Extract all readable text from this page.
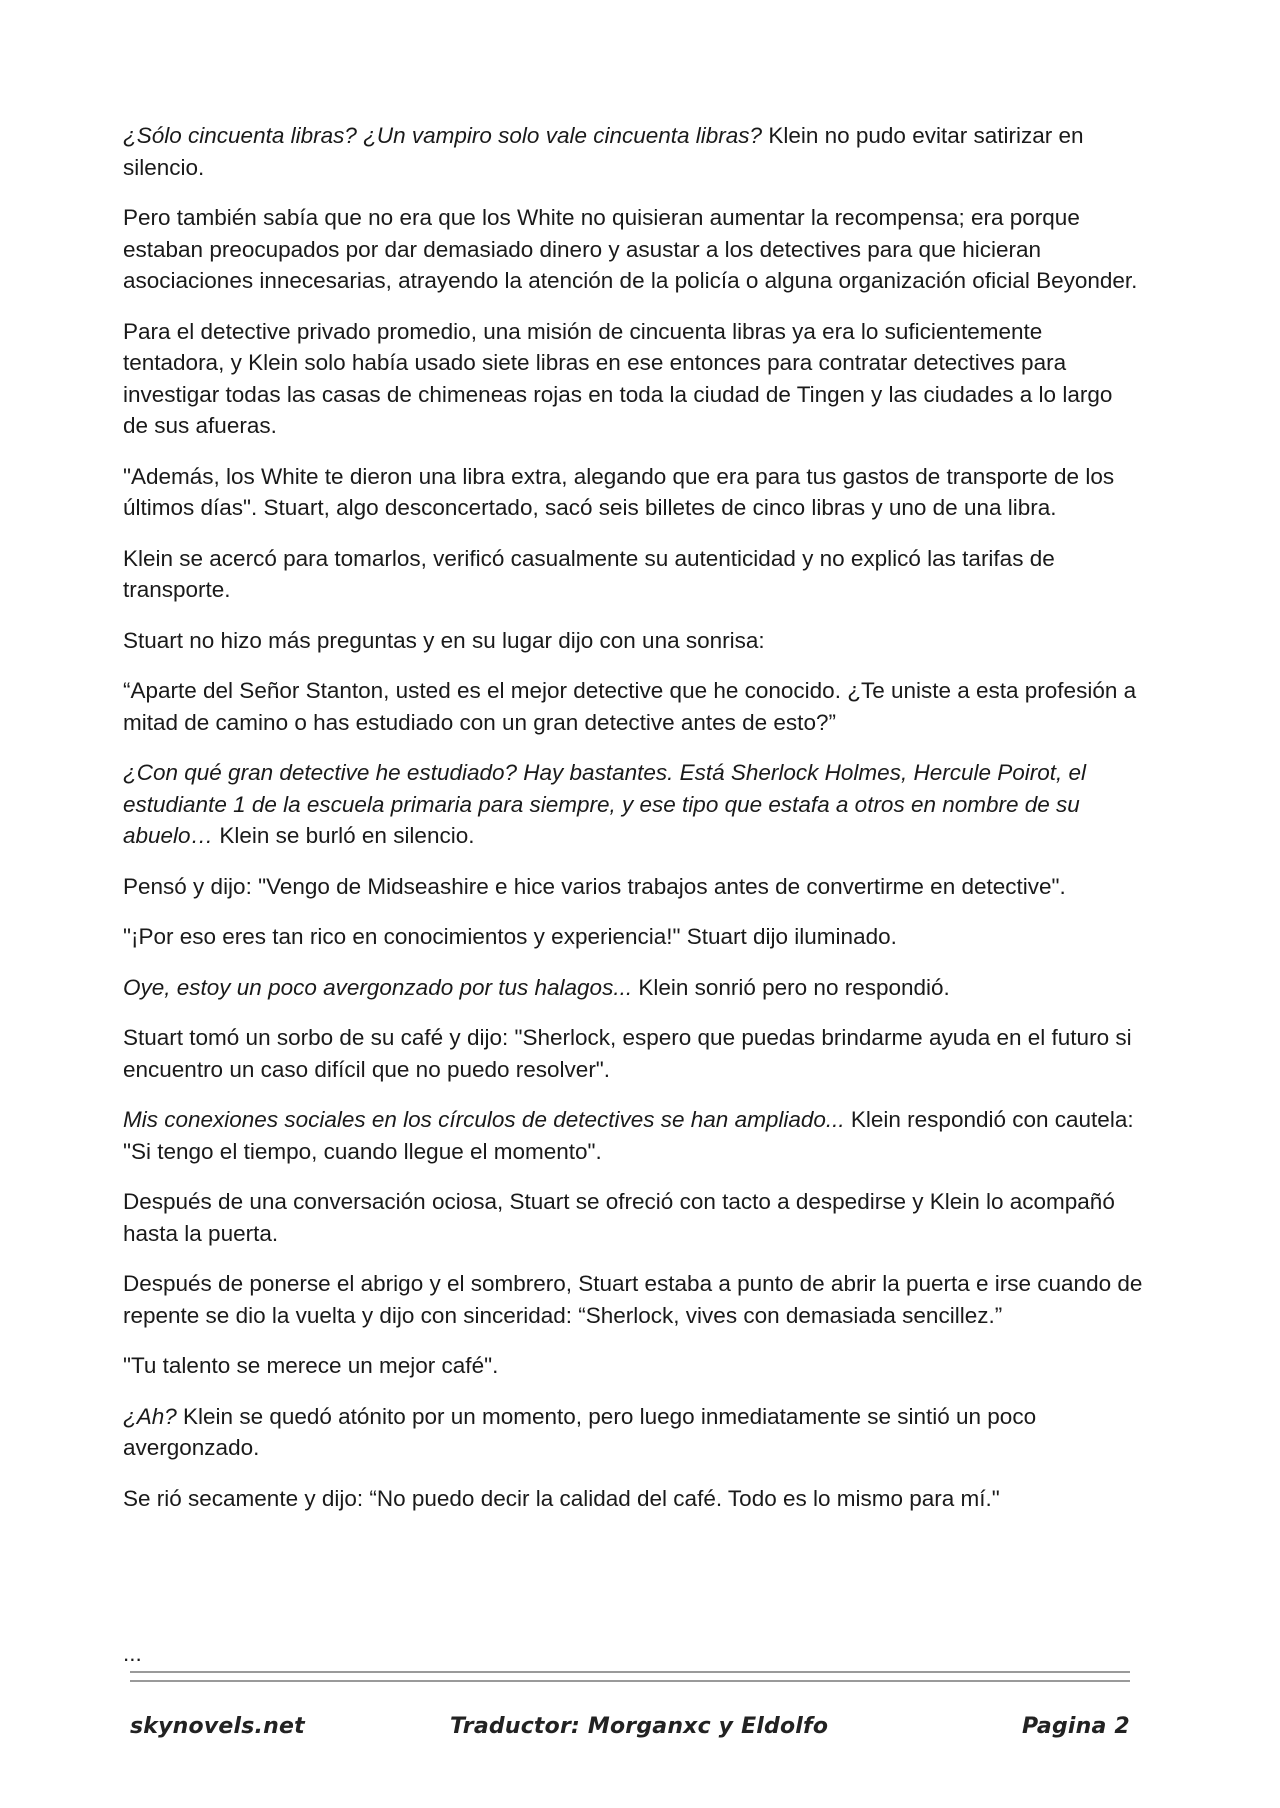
¿Sólo cincuenta libras? ¿Un vampiro solo vale cincuenta libras? Klein no pudo evitar satirizar en silencio.

Pero también sabía que no era que los White no quisieran aumentar la recompensa; era porque estaban preocupados por dar demasiado dinero y asustar a los detectives para que hicieran asociaciones innecesarias, atrayendo la atención de la policía o alguna organización oficial Beyonder.

Para el detective privado promedio, una misión de cincuenta libras ya era lo suficientemente tentadora, y Klein solo había usado siete libras en ese entonces para contratar detectives para investigar todas las casas de chimeneas rojas en toda la ciudad de Tingen y las ciudades a lo largo de sus afueras.

"Además, los White te dieron una libra extra, alegando que era para tus gastos de transporte de los últimos días". Stuart, algo desconcertado, sacó seis billetes de cinco libras y uno de una libra.

Klein se acercó para tomarlos, verificó casualmente su autenticidad y no explicó las tarifas de transporte.

Stuart no hizo más preguntas y en su lugar dijo con una sonrisa:

“Aparte del Señor Stanton, usted es el mejor detective que he conocido. ¿Te uniste a esta profesión a mitad de camino o has estudiado con un gran detective antes de esto?”

¿Con qué gran detective he estudiado? Hay bastantes. Está Sherlock Holmes, Hercule Poirot, el estudiante 1 de la escuela primaria para siempre, y ese tipo que estafa a otros en nombre de su abuelo… Klein se burló en silencio.

Pensó y dijo: "Vengo de Midseashire e hice varios trabajos antes de convertirme en detective".

"¡Por eso eres tan rico en conocimientos y experiencia!" Stuart dijo iluminado.

Oye, estoy un poco avergonzado por tus halagos... Klein sonrió pero no respondió.

Stuart tomó un sorbo de su café y dijo: "Sherlock, espero que puedas brindarme ayuda en el futuro si encuentro un caso difícil que no puedo resolver".

Mis conexiones sociales en los círculos de detectives se han ampliado... Klein respondió con cautela: "Si tengo el tiempo, cuando llegue el momento".

Después de una conversación ociosa, Stuart se ofreció con tacto a despedirse y Klein lo acompañó hasta la puerta.

Después de ponerse el abrigo y el sombrero, Stuart estaba a punto de abrir la puerta e irse cuando de repente se dio la vuelta y dijo con sinceridad: “Sherlock, vives con demasiada sencillez.”

"Tu talento se merece un mejor café".

¿Ah? Klein se quedó atónito por un momento, pero luego inmediatamente se sintió un poco avergonzado.

Se rió secamente y dijo: “No puedo decir la calidad del café. Todo es lo mismo para mí."

...
skynovels.net	Traductor: Morganxc y Eldolfo	Pagina 2
